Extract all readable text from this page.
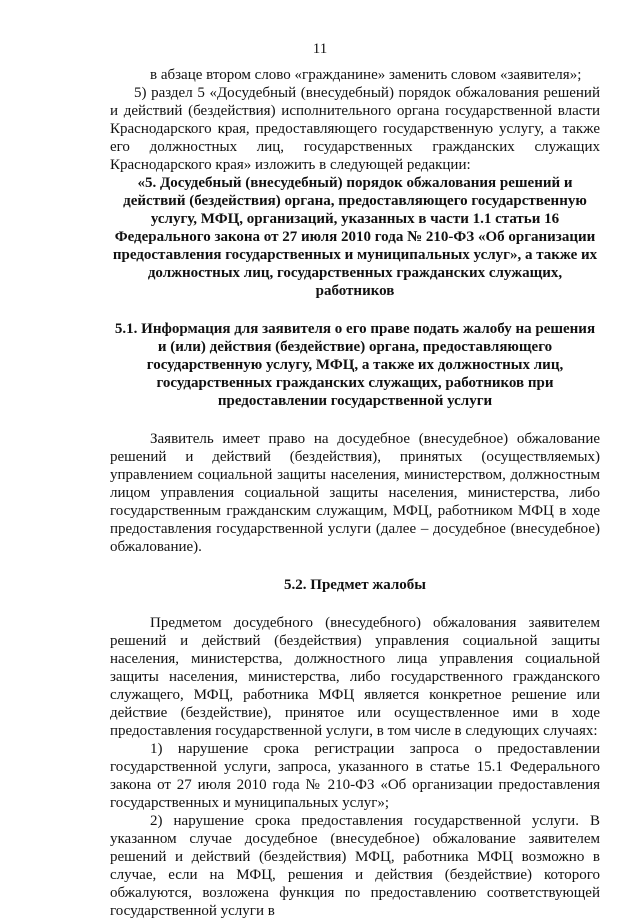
11

в абзаце втором слово «гражданине» заменить словом «заявителя»;

5) раздел 5 «Досудебный (внесудебный) порядок обжалования решений и действий (бездействия) исполнительного органа государственной власти Краснодарского края, предоставляющего государственную услугу, а также его должностных лиц, государственных гражданских служащих Краснодарского края» изложить в следующей редакции:

«5. Досудебный (внесудебный) порядок обжалования решений и действий (бездействия) органа, предоставляющего государственную услугу, МФЦ, организаций, указанных в части 1.1 статьи 16 Федерального закона от 27 июля 2010 года № 210-ФЗ «Об организации предоставления государственных и муниципальных услуг», а также их должностных лиц, государственных гражданских служащих, работников

5.1. Информация для заявителя о его праве подать жалобу на решения и (или) действия (бездействие) органа, предоставляющего государственную услугу, МФЦ, а также их должностных лиц, государственных гражданских служащих, работников при предоставлении государственной услуги

Заявитель имеет право на досудебное (внесудебное) обжалование решений и действий (бездействия), принятых (осуществляемых) управлением социальной защиты населения, министерством, должностным лицом управления социальной защиты населения, министерства, либо государственным гражданским служащим, МФЦ, работником МФЦ в ходе предоставления государственной услуги (далее – досудебное (внесудебное) обжалование).

5.2. Предмет жалобы

Предметом досудебного (внесудебного) обжалования заявителем решений и действий (бездействия) управления социальной защиты населения, министерства, должностного лица управления социальной защиты населения, министерства, либо государственного гражданского служащего, МФЦ, работника МФЦ является конкретное решение или действие (бездействие), принятое или осуществленное ими в ходе предоставления государственной услуги, в том числе в следующих случаях:

1) нарушение срока регистрации запроса о предоставлении государственной услуги, запроса, указанного в статье 15.1 Федерального закона от 27 июля 2010 года № 210-ФЗ «Об организации предоставления государственных и муниципальных услуг»;

2) нарушение срока предоставления государственной услуги. В указанном случае досудебное (внесудебное) обжалование заявителем решений и действий (бездействия) МФЦ, работника МФЦ возможно в случае, если на МФЦ, решения и действия (бездействие) которого обжалуются, возложена функция по предоставлению соответствующей государственной услуги в
